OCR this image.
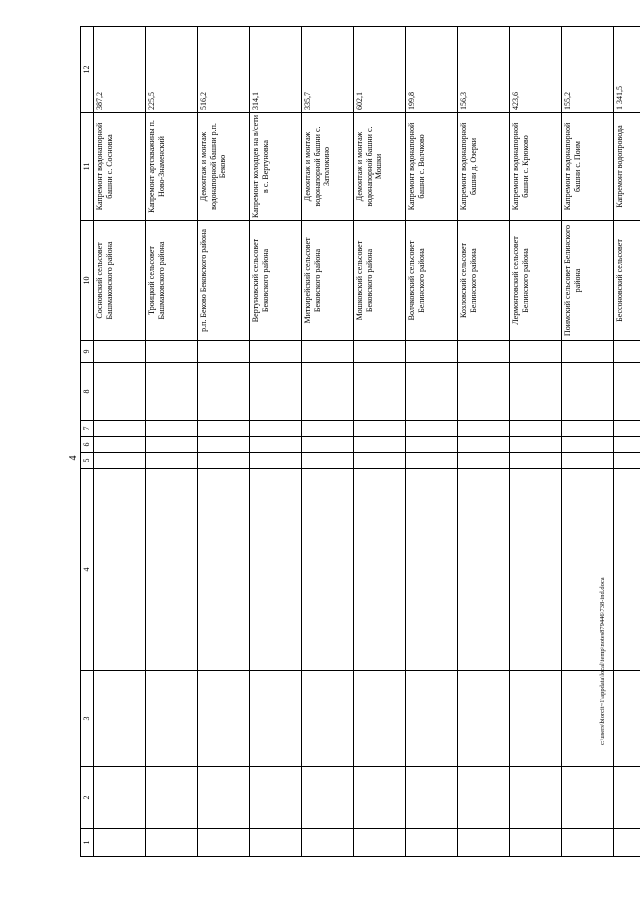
4
c:\users\biorcit~1\appdata\local\temp\notes879446\738-ind.doca
1	2	3	4	5	6	7	8	9	10	11	12
									Сосновский сельсовет Башмаковского района	Капремонт водонапорной башни с. Сосновка	387,2
									Троицкий сельсовет Башмаковского района	Капремонт артскважины п. Ново-Знаменский	225,5
									р.п. Беково Бековского района	Демонтаж и монтаж водонапорной башни р.п. Беково	516,2
									Вертуновский сельсовет Бековского района	Капремонт колодцев на в/сети в с. Вертуновка	314,1
									Миткирейский сельсовет Бековского района	Демонтаж и монтаж водонапорной башни с. Затолокино	335,7
									Мошковский сельсовет Бековского района	Демонтаж и монтаж водонапорной башни с. Мошки	602,1
									Волчковский сельсовет Белинского района	Капремонт водонапорной башни с. Волчково	199,8
									Козловский сельсовет Белинского района	Капремонт водонапорной башни д. Озерки	156,3
									Лермонтовский сельсовет Белинского района	Капремонт водонапорной башни с. Крюково	423,6
									Поимский сельсовет Белинского района	Капремонт водонапорной башни с. Поим	155,2
									Бессоновский сельсовет	Капремонт водопровода	1 341,5
